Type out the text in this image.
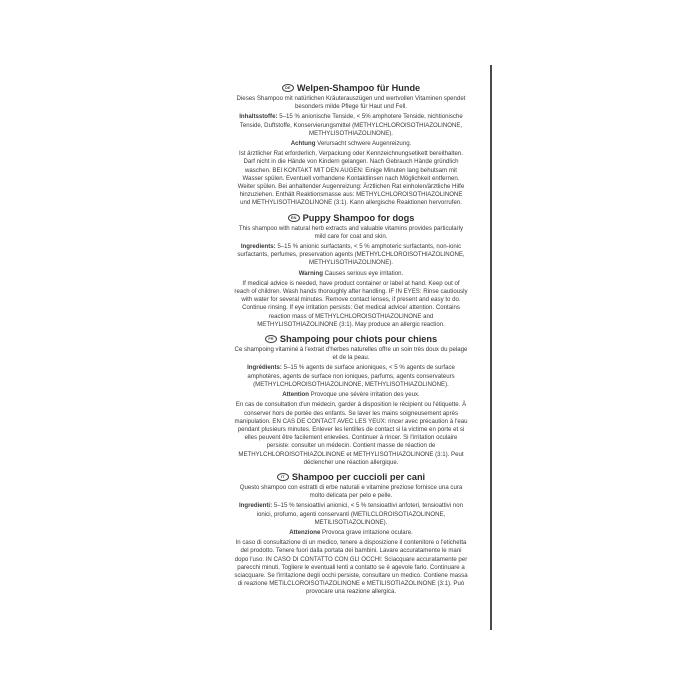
DE Welpen-Shampoo für Hunde

Dieses Shampoo mit natürlichen Kräuterauszügen und wertvollen Vitaminen spendet besonders milde Pflege für Haut und Fell.

Inhaltsstoffe: 5–15 % anionische Tenside, < 5% amphotere Tenside, nichtionische Tenside, Duftstoffe, Konservierungsmittel (METHYLCHLOROISOTHIAZOLINONE, METHYLISOTHIAZOLINONE).

Achtung Verursacht schwere Augenreizung.

Ist ärztlicher Rat erforderlich, Verpackung oder Kennzeichnungsetikett bereithalten. Darf nicht in die Hände von Kindern gelangen. Nach Gebrauch Hände gründlich waschen. BEI KONTAKT MIT DEN AUGEN: Einige Minuten lang behutsam mit Wasser spülen. Eventuell vorhandene Kontaktlinsen nach Möglichkeit entfernen. Weiter spülen. Bei anhaltender Augenreizung: Ärztlichen Rat einholen/ärztliche Hilfe hinzuziehen. Enthält Reaktionsmasse aus: METHYLCHLOROISOTHIAZOLINONE und METHYLISOTHIAZOLINONE (3:1). Kann allergische Reaktionen hervorrufen.

EN Puppy Shampoo for dogs

This shampoo with natural herb extracts and valuable vitamins provides particularly mild care for coat and skin.

Ingredients: 5–15 % anionic surfactants, < 5 % amphoteric surfactants, non-ionic surfactants, perfumes, preservation agents (METHYLCHLOROISOTHIAZOLINONE, METHYLISOTHIAZOLINONE).

Warning Causes serious eye irritation.

If medical advice is needed, have product container or label at hand. Keep out of reach of children. Wash hands thoroughly after handling. IF IN EYES: Rinse cautiously with water for several minutes. Remove contact lenses, if present and easy to do. Continue rinsing. If eye irritation persists: Get medical advice/ attention. Contains reaction mass of METHYLCHLOROISOTHIAZOLINONE and METHYLISOTHIAZOLINONE (3:1). May produce an allergic reaction.

FR Shampoing pour chiots pour chiens

Ce shampoing vitaminé à l'extrait d'herbes naturelles offre un soin très doux du pelage et de la peau.

Ingrédients: 5–15 % agents de surface anioniques, < 5 % agents de surface amphotères, agents de surface non ioniques, parfums, agents conservateurs (METHYLCHLOROISOTHIAZOLINONE, METHYLISOTHIAZOLINONE).

Attention Provoque une sévère irritation des yeux.

En cas de consultation d'un médecin, garder à disposition le récipient ou l'étiquette. À conserver hors de portée des enfants. Se laver les mains soigneusement après manipulation. EN CAS DE CONTACT AVEC LES YEUX: rincer avec précaution à l'eau pendant plusieurs minutes. Enlever les lentilles de contact si la victime en porte et si elles peuvent être facilement enlevées. Continuer à rincer. Si l'irritation oculaire persiste: consulter un médecin. Contient masse de réaction de METHYLCHLOROISOTHIAZOLINONE et METHYLISOTHIAZOLINONE (3:1). Peut déclencher une réaction allergique.

IT Shampoo per cuccioli per cani

Questo shampoo con estratti di erbe naturali e vitamine preziose fornisce una cura molto delicata per pelo e pelle.

Ingredienti: 5–15 % tensioattivi anionici, < 5 % tensioattivi anfoteri, tensioattivi non ionici, profumo, agenti conservanti (METILCLOROISOTIAZOLINONE, METILISOTIAZOLINONE).

Attenzione Provoca grave irritazione oculare.

In caso di consultazione di un medico, tenere a disposizione il contenitore o l'etichetta del prodotto. Tenere fuori dalla portata dei bambini. Lavare accuratamente le mani dopo l'uso. IN CASO DI CONTATTO CON GLI OCCHI: Sciacquare accuratamente per parecchi minuti. Togliere le eventuali lenti a contatto se è agevole farlo. Continuare a sciacquare. Se l'irritazione degli occhi persiste, consultare un medico. Contiene massa di reazione METILCLOROISOTIAZOLINONE e METILISOTIAZOLINONE (3:1). Può provocare una reazione allergica.
